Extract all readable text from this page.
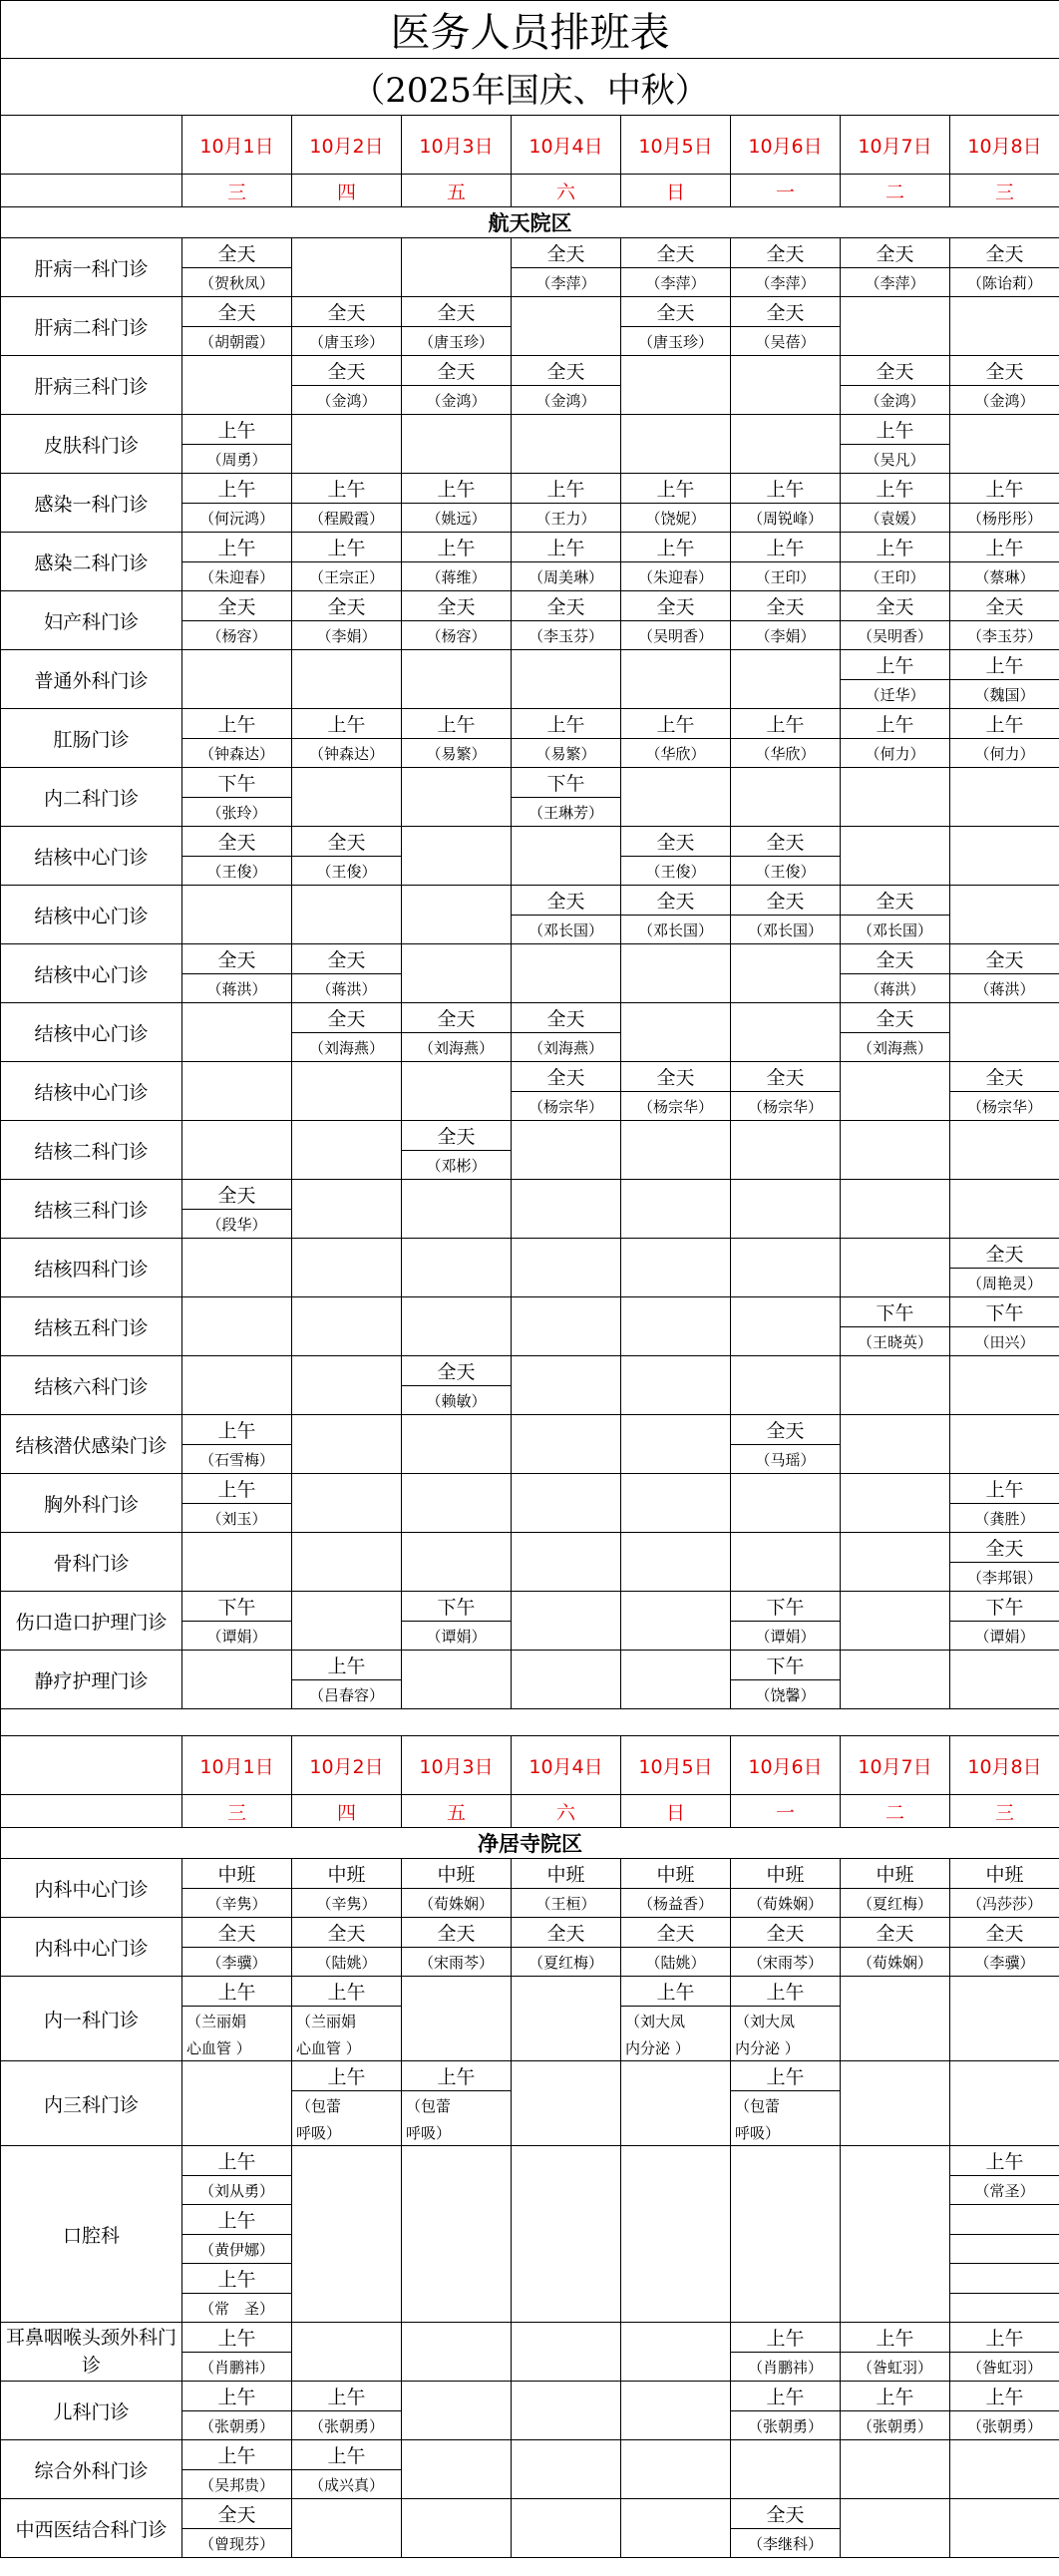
医务人员排班表								
（2025年国庆、中秋）								
	10月1日	10月2日	10月3日	10月4日	10月5日	10月6日	10月7日	10月8日
	三	四	五	六	日	一	二	三
航天院区								
肝病一科门诊	全天			全天	全天	全天	全天	全天
	（贺秋凤）			（李萍）	（李萍）	（李萍）	（李萍）	（陈诒莉）
肝病二科门诊	全天	全天	全天		全天	全天		
	（胡朝霞）	（唐玉珍）	（唐玉珍）		（唐玉珍）	（吴蓓）		
肝病三科门诊		全天	全天	全天			全天	全天
		（金鸿）	（金鸿）	（金鸿）			（金鸿）	（金鸿）
皮肤科门诊	上午						上午	
	（周勇）						（吴凡）	
感染一科门诊	上午	上午	上午	上午	上午	上午	上午	上午
	（何沅鸿）	（程殿霞）	（姚远）	（王力）	（饶妮）	（周锐峰）	（袁媛）	（杨彤彤）
感染二科门诊	上午	上午	上午	上午	上午	上午	上午	上午
	（朱迎春）	（王宗正）	（蒋维）	（周美琳）	（朱迎春）	（王印）	（王印）	（蔡琳）
妇产科门诊	全天	全天	全天	全天	全天	全天	全天	全天
	（杨容）	（李娟）	（杨容）	（李玉芬）	（吴明香）	（李娟）	（吴明香）	（李玉芬）
普通外科门诊							上午	上午
							（迁华）	（魏国）
肛肠门诊	上午	上午	上午	上午	上午	上午	上午	上午
	（钟森达）	（钟森达）	（易繁）	（易繁）	（华欣）	（华欣）	（何力）	（何力）
内二科门诊	下午			下午				
	（张玲）			（王琳芳）				
结核中心门诊	全天	全天			全天	全天		
	（王俊）	（王俊）			（王俊）	（王俊）		
结核中心门诊				全天	全天	全天	全天	
				（邓长国）	（邓长国）	（邓长国）	（邓长国）	
结核中心门诊	全天	全天					全天	全天
	（蒋洪）	（蒋洪）					（蒋洪）	（蒋洪）
结核中心门诊		全天	全天	全天			全天	
		（刘海燕）	（刘海燕）	（刘海燕）			（刘海燕）	
结核中心门诊				全天	全天	全天		全天
				（杨宗华）	（杨宗华）	（杨宗华）		（杨宗华）
结核二科门诊			全天					
			（邓彬）					
结核三科门诊	全天							
	（段华）							
结核四科门诊								全天
								（周艳灵）
结核五科门诊							下午	下午
							（王晓英）	（田兴）
结核六科门诊			全天					
			（赖敏）					
结核潜伏感染门诊	上午					全天		
	（石雪梅）					（马瑶）		
胸外科门诊	上午							上午
	（刘玉）							（龚胜）
骨科门诊								全天
								（李邦银）
伤口造口护理门诊	下午		下午			下午		下午
	（谭娟）		（谭娟）			（谭娟）		（谭娟）
静疗护理门诊		上午				下午		
		（吕春容）				（饶馨）		

	10月1日	10月2日	10月3日	10月4日	10月5日	10月6日	10月7日	10月8日
	三	四	五	六	日	一	二	三
净居寺院区								
内科中心门诊	中班	中班	中班	中班	中班	中班	中班	中班
	（辛隽）	（辛隽）	（荀姝娴）	（王桓）	（杨益香）	（荀姝娴）	（夏红梅）	（冯莎莎）
内科中心门诊	全天	全天	全天	全天	全天	全天	全天	全天
	（李骥）	（陆姚）	（宋雨芩）	（夏红梅）	（陆姚）	（宋雨芩）	（荀姝娴）	（李骥）
内一科门诊	上午	上午			上午	上午		
	（兰丽娟	（兰丽娟			（刘大凤	（刘大凤		
	心血管 ）	心血管 ）			内分泌 ）	内分泌 ）		
内三科门诊		上午	上午			上午		
		（包蕾	（包蕾			（包蕾		
		呼吸）	呼吸）			呼吸）		
口腔科	上午							上午
	（刘从勇）							（常圣）
	上午							
	（黄伊娜）							
	上午							
	（常　圣）							
耳鼻咽喉头颈外科门诊	上午					上午	上午	上午
	（肖鹏祎）					（肖鹏祎）	（昝虹羽）	（昝虹羽）
儿科门诊	上午	上午				上午	上午	上午
	（张朝勇）	（张朝勇）				（张朝勇）	（张朝勇）	（张朝勇）
综合外科门诊	上午	上午						
	（吴邦贵）	（成兴真）						
中西医结合科门诊	全天					全天		
	（曾现芬）					（李继科）		
